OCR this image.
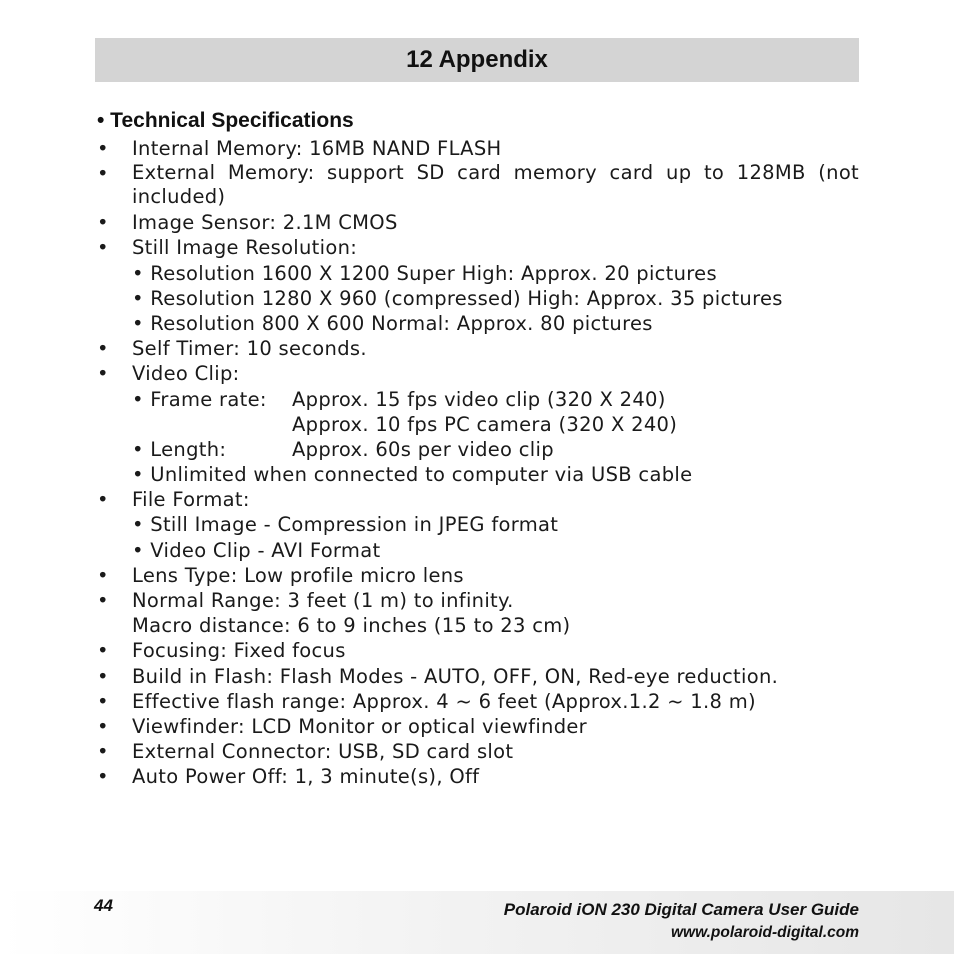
12 Appendix
• Technical Specifications
• Internal Memory: 16MB NAND FLASH
• External Memory: support SD card memory card up to 128MB (not included)
• Image Sensor: 2.1M CMOS
• Still Image Resolution:
• Resolution 1600 X 1200 Super High: Approx. 20 pictures
• Resolution 1280 X 960 (compressed) High: Approx. 35 pictures
• Resolution 800 X 600 Normal: Approx. 80 pictures
• Self Timer: 10 seconds.
• Video Clip:
• Frame rate: Approx. 15 fps video clip (320 X 240)
Approx. 10 fps PC camera (320 X 240)
• Length:	Approx. 60s per video clip
• Unlimited when connected to computer via USB cable
• File Format:
• Still Image - Compression in JPEG format
• Video Clip - AVI Format
• Lens Type: Low profile micro lens
• Normal Range: 3 feet (1 m) to infinity.
Macro distance: 6 to 9 inches (15 to 23 cm)
• Focusing: Fixed focus
• Build in Flash: Flash Modes - AUTO, OFF, ON, Red-eye reduction.
• Effective flash range: Approx. 4 ~ 6 feet (Approx.1.2 ~ 1.8 m)
• Viewfinder: LCD Monitor or optical viewfinder
• External Connector: USB, SD card slot
• Auto Power Off: 1, 3 minute(s), Off
44	Polaroid iON 230 Digital Camera User Guide
www.polaroid-digital.com
